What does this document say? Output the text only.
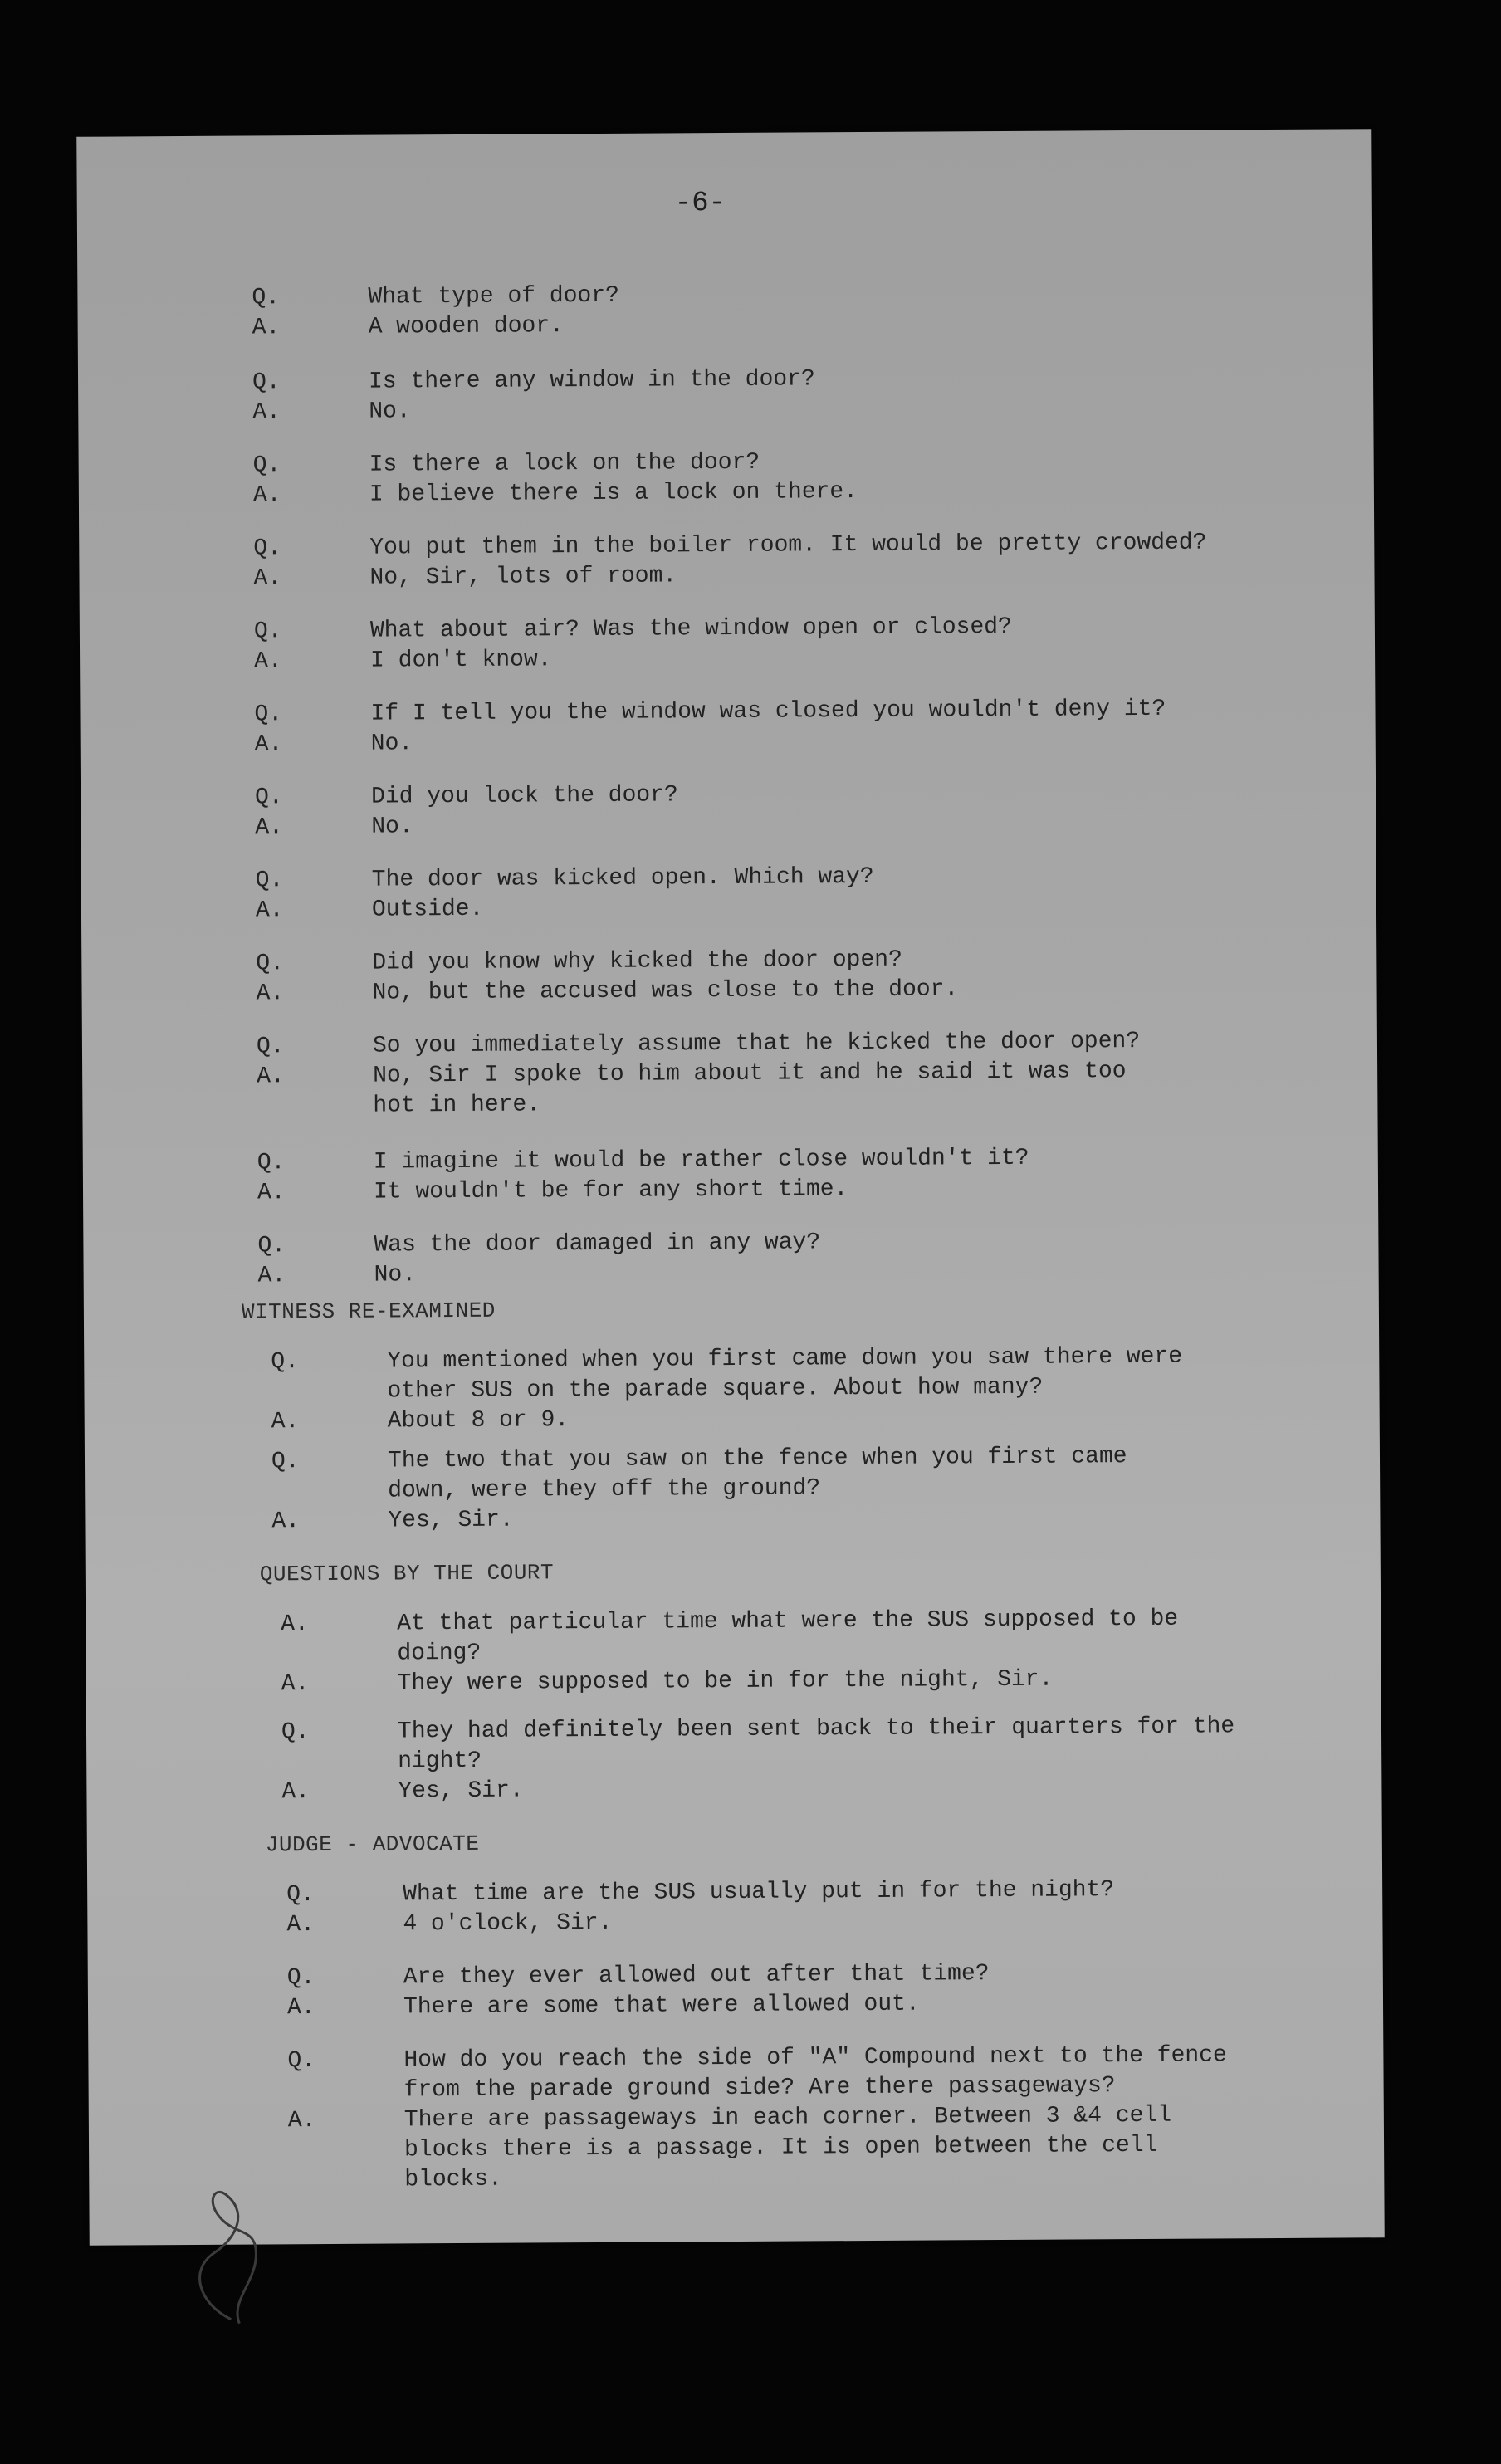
-6-
Q.	What type of door?
A.	A wooden door.
Q.	Is there any window in the door?
A.	No.
Q.	Is there a lock on the door?
A.	I believe there is a lock on there.
Q.	You put them in the boiler room. It would be pretty crowded?
A.	No, Sir, lots of room.
Q.	What about air? Was the window open or closed?
A.	I don't know.
Q.	If I tell you the window was closed you wouldn't deny it?
A.	No.
Q.	Did you lock the door?
A.	No.
Q.	The door was kicked open. Which way?
A.	Outside.
Q.	Did you know why kicked the door open?
A.	No, but the accused was close to the door.
Q.	So you immediately assume that he kicked the door open?
A.	No, Sir I spoke to him about it and he said it was too
hot in here.
Q.	I imagine it would be rather close wouldn't it?
A.	It wouldn't be for any short time.
Q.	Was the door damaged in any way?
A.	No.
WITNESS RE-EXAMINED
Q.	You mentioned when you first came down you saw there were
other SUS on the parade square. About how many?
A.	About 8 or 9.
Q.	The two that you saw on the fence when you first came
down, were they off the ground?
A.	Yes, Sir.
QUESTIONS BY THE COURT
A.	At that particular time what were the SUS supposed to be
doing?
A.	They were supposed to be in for the night, Sir.
Q.	They had definitely been sent back to their quarters for the
night?
A.	Yes, Sir.
JUDGE - ADVOCATE
Q.	What time are the SUS usually put in for the night?
A.	4 o'clock, Sir.
Q.	Are they ever allowed out after that time?
A.	There are some that were allowed out.
Q.	How do you reach the side of "A" Compound next to the fence
from the parade ground side? Are there passageways?
A.	There are passageways in each corner. Between 3 &4 cell
blocks there is a passage. It is open between the cell
blocks.
